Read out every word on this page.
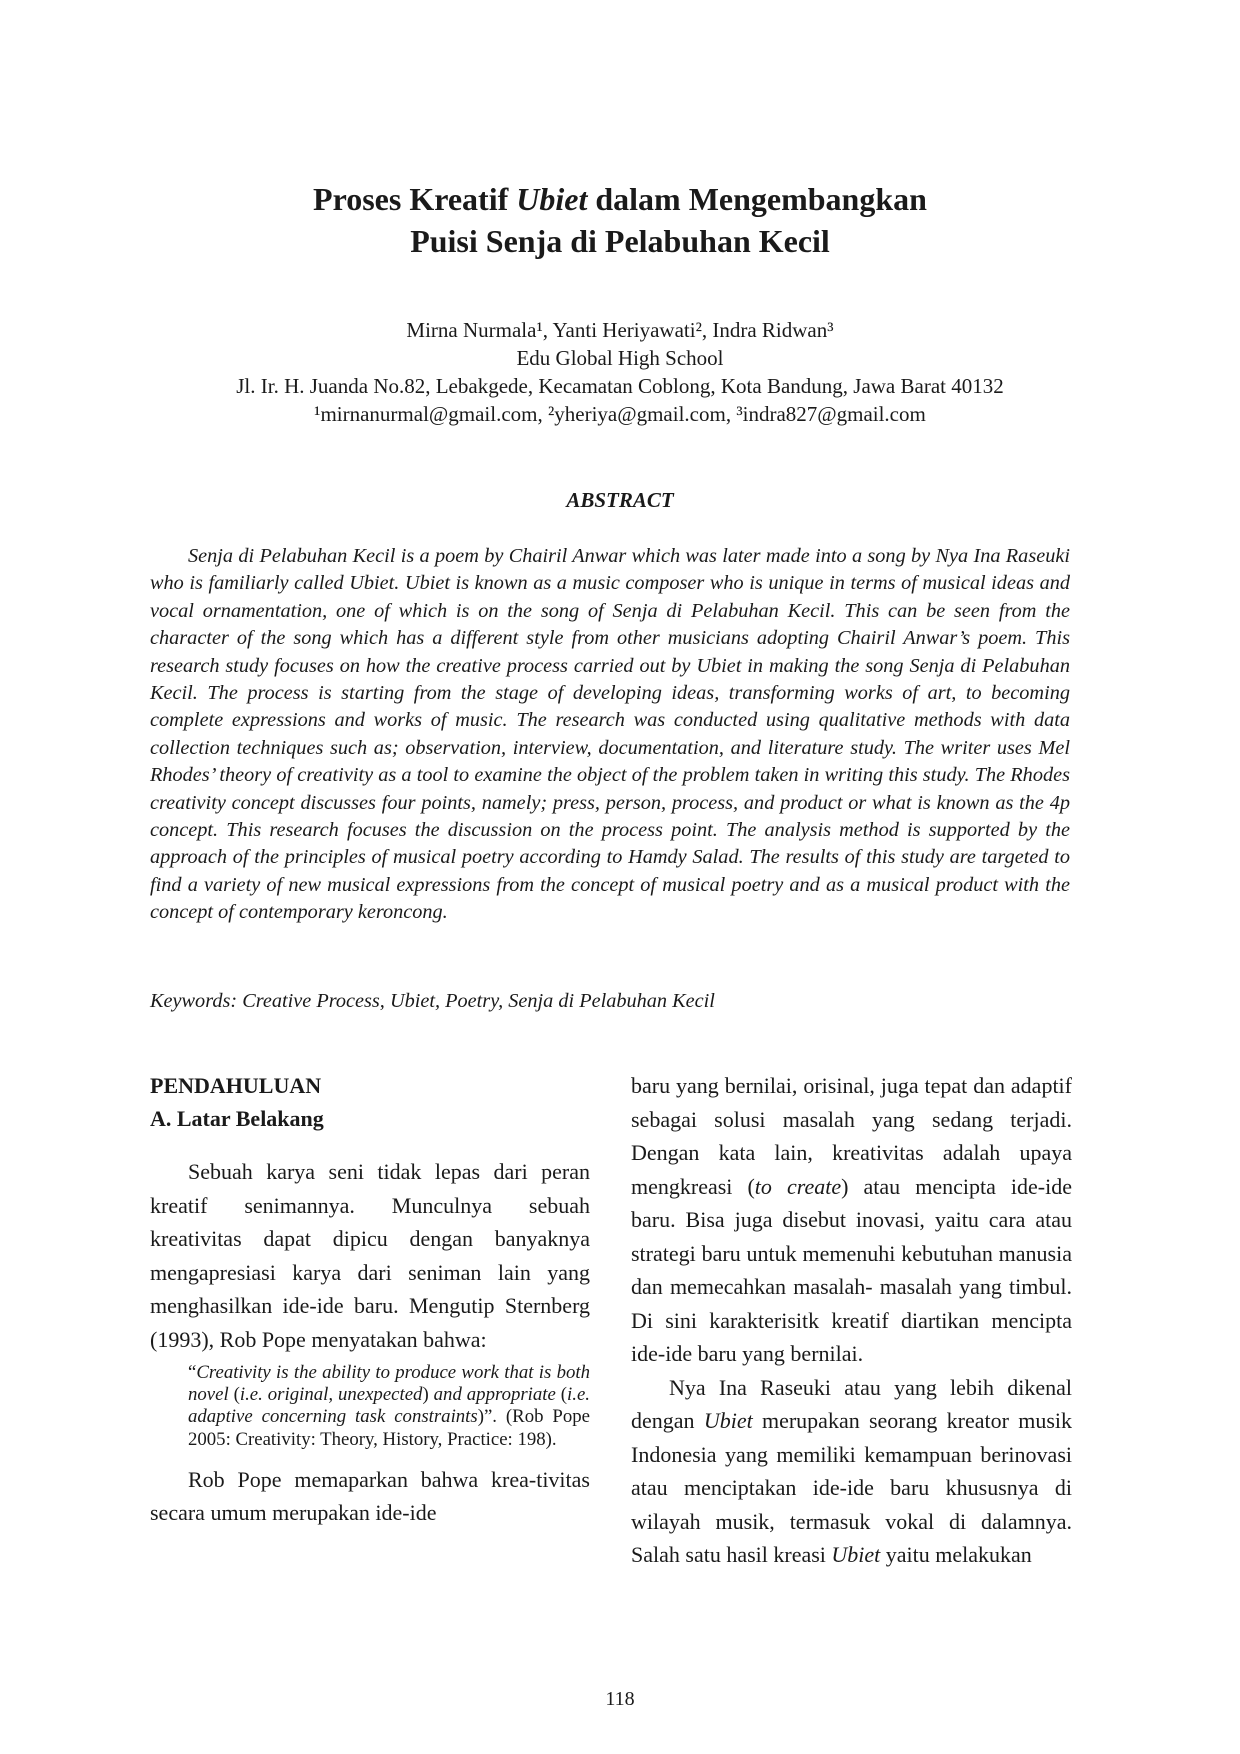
Proses Kreatif Ubiet dalam Mengembangkan
Puisi Senja di Pelabuhan Kecil
Mirna Nurmala¹, Yanti Heriyawati², Indra Ridwan³
Edu Global High School
Jl. Ir. H. Juanda No.82, Lebakgede, Kecamatan Coblong, Kota Bandung, Jawa Barat 40132
¹mirnanurmal@gmail.com, ²yheriya@gmail.com, ³indra827@gmail.com
ABSTRACT

Senja di Pelabuhan Kecil is a poem by Chairil Anwar which was later made into a song by Nya Ina Raseuki who is familiarly called Ubiet. Ubiet is known as a music composer who is unique in terms of musical ideas and vocal ornamentation, one of which is on the song of Senja di Pelabuhan Kecil. This can be seen from the character of the song which has a different style from other musicians adopting Chairil Anwar’s poem. This research study focuses on how the creative process carried out by Ubiet in making the song Senja di Pelabuhan Kecil. The process is starting from the stage of developing ideas, transforming works of art, to becoming complete expressions and works of music. The research was conducted using qualitative methods with data collection techniques such as; observation, interview, documentation, and literature study. The writer uses Mel Rhodes’ theory of creativity as a tool to examine the object of the problem taken in writing this study. The Rhodes creativity concept discusses four points, namely; press, person, process, and product or what is known as the 4p concept. This research focuses the discussion on the process point. The analysis method is supported by the approach of the principles of musical poetry according to Hamdy Salad. The results of this study are targeted to find a variety of new musical expressions from the concept of musical poetry and as a musical product with the concept of contemporary keroncong.

Keywords: Creative Process, Ubiet, Poetry, Senja di Pelabuhan Kecil

PENDAHULUAN
A. Latar Belakang

Sebuah karya seni tidak lepas dari peran kreatif senimannya. Munculnya sebuah kreativitas dapat dipicu dengan banyaknya mengapresiasi karya dari seniman lain yang menghasilkan ide-ide baru. Mengutip Sternberg (1993), Rob Pope menyatakan bahwa:

“Creativity is the ability to produce work that is both novel (i.e. original, unexpected) and appropriate (i.e. adaptive concerning task constraints)”. (Rob Pope 2005: Creativity: Theory, History, Practice: 198).

Rob Pope memaparkan bahwa krea-tivitas secara umum merupakan ide-ide

baru yang bernilai, orisinal, juga tepat dan adaptif sebagai solusi masalah yang sedang terjadi. Dengan kata lain, kreativitas adalah upaya mengkreasi (to create) atau mencipta ide-ide baru. Bisa juga disebut inovasi, yaitu cara atau strategi baru untuk memenuhi kebutuhan manusia dan memecahkan masalah- masalah yang timbul. Di sini karakterisitk kreatif diartikan mencipta ide-ide baru yang bernilai.

Nya Ina Raseuki atau yang lebih dikenal dengan Ubiet merupakan seorang kreator musik Indonesia yang memiliki kemampuan berinovasi atau menciptakan ide-ide baru khususnya di wilayah musik, termasuk vokal di dalamnya. Salah satu hasil kreasi Ubiet yaitu melakukan

118
